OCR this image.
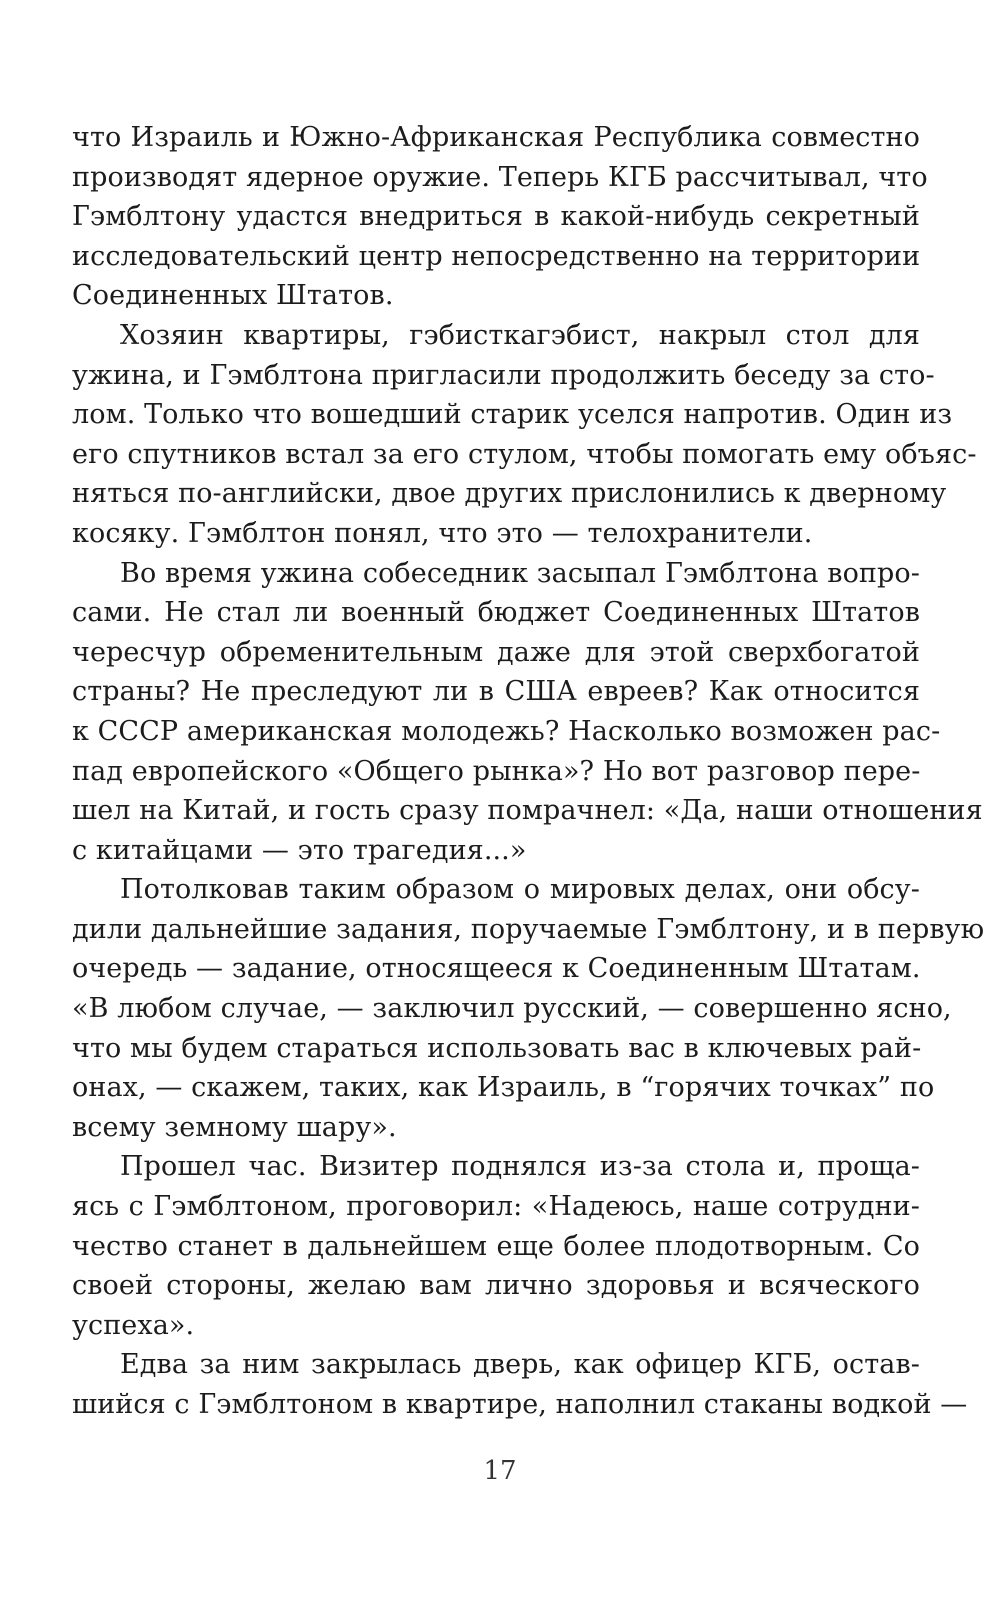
что Израиль и Южно-Африканская Республика совместно
производят ядерное оружие. Теперь КГБ рассчитывал, что
Гэмблтону удастся внедриться в какой-нибудь секретный
исследовательский центр непосредственно на территории
Соединенных Штатов.
Хозяин квартиры, гэбисткагэбист, накрыл стол для
ужина, и Гэмблтона пригласили продолжить беседу за сто-
лом. Только что вошедший старик уселся напротив. Один из
его спутников встал за его стулом, чтобы помогать ему объяс-
няться по-английски, двое других прислонились к дверному
косяку. Гэмблтон понял, что это — телохранители.
Во время ужина собеседник засыпал Гэмблтона вопро-
сами. Не стал ли военный бюджет Соединенных Штатов
чересчур обременительным даже для этой сверхбогатой
страны? Не преследуют ли в США евреев? Как относится
к СССР американская молодежь? Насколько возможен рас-
пад европейского «Общего рынка»? Но вот разговор пере-
шел на Китай, и гость сразу помрачнел: «Да, наши отношения
с китайцами — это трагедия...»
Потолковав таким образом о мировых делах, они обсу-
дили дальнейшие задания, поручаемые Гэмблтону, и в первую
очередь — задание, относящееся к Соединенным Штатам.
«В любом случае, — заключил русский, — совершенно ясно,
что мы будем стараться использовать вас в ключевых рай-
онах, — скажем, таких, как Израиль, в “горячих точках” по
всему земному шару».
Прошел час. Визитер поднялся из-за стола и, проща-
ясь с Гэмблтоном, проговорил: «Надеюсь, наше сотрудни-
чество станет в дальнейшем еще более плодотворным. Со
своей стороны, желаю вам лично здоровья и всяческого
успеха».
Едва за ним закрылась дверь, как офицер КГБ, остав-
шийся с Гэмблтоном в квартире, наполнил стаканы водкой —
17
